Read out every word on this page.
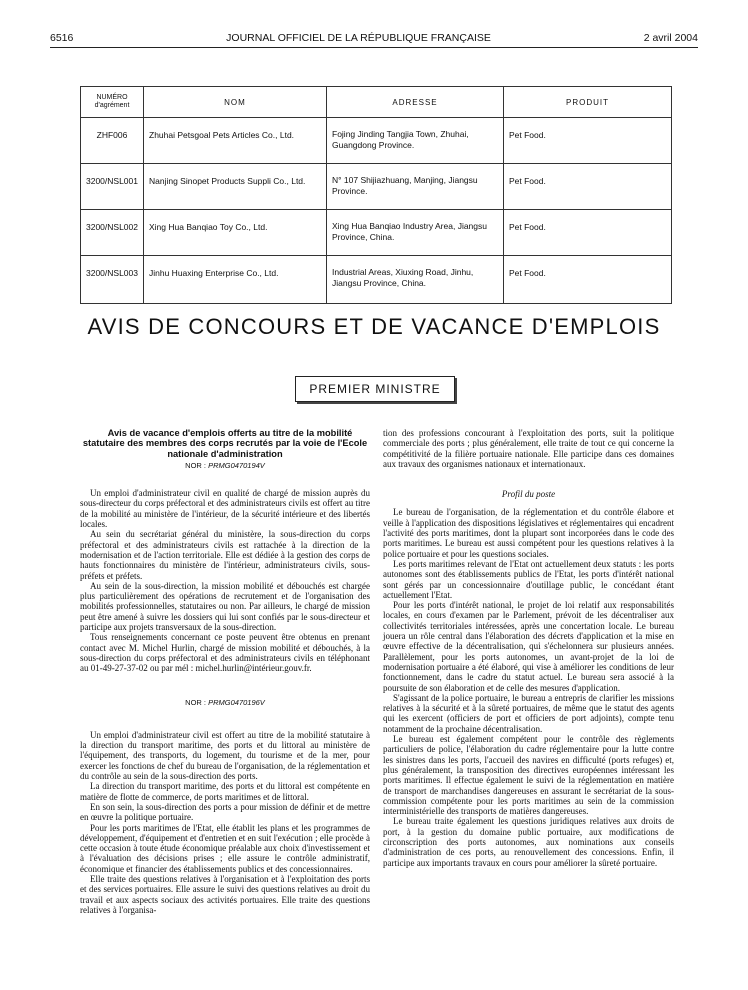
6516	JOURNAL OFFICIEL DE LA RÉPUBLIQUE FRANÇAISE	2 avril 2004
NUMÉRO d'agrément	NOM	ADRESSE	PRODUIT
ZHF006	Zhuhai Petsgoal Pets Articles Co., Ltd.	Fojing Jinding Tangjia Town, Zhuhai, Guangdong Province.	Pet Food.
3200/NSL001	Nanjing Sinopet Products Suppli Co., Ltd.	N° 107 Shijiazhuang, Manjing, Jiangsu Province.	Pet Food.
3200/NSL002	Xing Hua Banqiao Toy Co., Ltd.	Xing Hua Banqiao Industry Area, Jiangsu Province, China.	Pet Food.
3200/NSL003	Jinhu Huaxing Enterprise Co., Ltd.	Industrial Areas, Xiuxing Road, Jinhu, Jiangsu Province, China.	Pet Food.
AVIS DE CONCOURS ET DE VACANCE D'EMPLOIS
PREMIER MINISTRE

Avis de vacance d'emplois offerts au titre de la mobilité statutaire des membres des corps recrutés par la voie de l'Ecole nationale d'administration

NOR : PRMG0470194V

Un emploi d'administrateur civil en qualité de chargé de mission auprès du sous-directeur du corps préfectoral et des administrateurs civils est offert au titre de la mobilité au ministère de l'intérieur, de la sécurité intérieure et des libertés locales.

Au sein du secrétariat général du ministère, la sous-direction du corps préfectoral et des administrateurs civils est rattachée à la direction de la modernisation et de l'action territoriale. Elle est dédiée à la gestion des corps de hauts fonctionnaires du ministère de l'intérieur, administrateurs civils, sous-préfets et préfets.

Au sein de la sous-direction, la mission mobilité et débouchés est chargée plus particulièrement des opérations de recrutement et de l'organisation des mobilités professionnelles, statutaires ou non. Par ailleurs, le chargé de mission peut être amené à suivre les dossiers qui lui sont confiés par le sous-directeur et participe aux projets transversaux de la sous-direction.

Tous renseignements concernant ce poste peuvent être obtenus en prenant contact avec M. Michel Hurlin, chargé de mission mobilité et débouchés, à la sous-direction du corps préfectoral et des administrateurs civils en téléphonant au 01-49-27-37-02 ou par mél : michel.hurlin@intérieur.gouv.fr.

NOR : PRMG0470196V

Un emploi d'administrateur civil est offert au titre de la mobilité statutaire à la direction du transport maritime, des ports et du littoral au ministère de l'équipement, des transports, du logement, du tourisme et de la mer, pour exercer les fonctions de chef du bureau de l'organisation, de la réglementation et du contrôle au sein de la sous-direction des ports.

La direction du transport maritime, des ports et du littoral est compétente en matière de flotte de commerce, de ports maritimes et de littoral.

En son sein, la sous-direction des ports a pour mission de définir et de mettre en œuvre la politique portuaire.

Pour les ports maritimes de l'Etat, elle établit les plans et les programmes de développement, d'équipement et d'entretien et en suit l'exécution ; elle procède à cette occasion à toute étude économique préalable aux choix d'investissement et à l'évaluation des décisions prises ; elle assure le contrôle administratif, économique et financier des établissements publics et des concessionnaires.

Elle traite des questions relatives à l'organisation et à l'exploitation des ports et des services portuaires. Elle assure le suivi des questions relatives au droit du travail et aux aspects sociaux des activités portuaires. Elle traite des questions relatives à l'organisa-

tion des professions concourant à l'exploitation des ports, suit la politique commerciale des ports ; plus généralement, elle traite de tout ce qui concerne la compétitivité de la filière portuaire nationale. Elle participe dans ces domaines aux travaux des organismes nationaux et internationaux.

Profil du poste

Le bureau de l'organisation, de la réglementation et du contrôle élabore et veille à l'application des dispositions législatives et réglementaires qui encadrent l'activité des ports maritimes, dont la plupart sont incorporées dans le code des ports maritimes. Le bureau est aussi compétent pour les questions relatives à la police portuaire et pour les questions sociales.

Les ports maritimes relevant de l'Etat ont actuellement deux statuts : les ports autonomes sont des établissements publics de l'Etat, les ports d'intérêt national sont gérés par un concessionnaire d'outillage public, le concédant étant actuellement l'Etat.

Pour les ports d'intérêt national, le projet de loi relatif aux responsabilités locales, en cours d'examen par le Parlement, prévoit de les décentraliser aux collectivités territoriales intéressées, après une concertation locale. Le bureau jouera un rôle central dans l'élaboration des décrets d'application et la mise en œuvre effective de la décentralisation, qui s'échelonnera sur plusieurs années. Parallèlement, pour les ports autonomes, un avant-projet de la loi de modernisation portuaire a été élaboré, qui vise à améliorer les conditions de leur fonctionnement, dans le cadre du statut actuel. Le bureau sera associé à la poursuite de son élaboration et de celle des mesures d'application.

S'agissant de la police portuaire, le bureau a entrepris de clarifier les missions relatives à la sécurité et à la sûreté portuaires, de même que le statut des agents qui les exercent (officiers de port et officiers de port adjoints), compte tenu notamment de la prochaine décentralisation.

Le bureau est également compétent pour le contrôle des règlements particuliers de police, l'élaboration du cadre réglementaire pour la lutte contre les sinistres dans les ports, l'accueil des navires en difficulté (ports refuges) et, plus généralement, la transposition des directives européennes intéressant les ports maritimes. Il effectue également le suivi de la réglementation en matière de transport de marchandises dangereuses en assurant le secrétariat de la sous-commission compétente pour les ports maritimes au sein de la commission interministérielle des transports de matières dangereuses.

Le bureau traite également les questions juridiques relatives aux droits de port, à la gestion du domaine public portuaire, aux modifications de circonscription des ports autonomes, aux nominations aux conseils d'administration de ces ports, au renouvellement des concessions. Enfin, il participe aux importants travaux en cours pour améliorer la sûreté portuaire.
